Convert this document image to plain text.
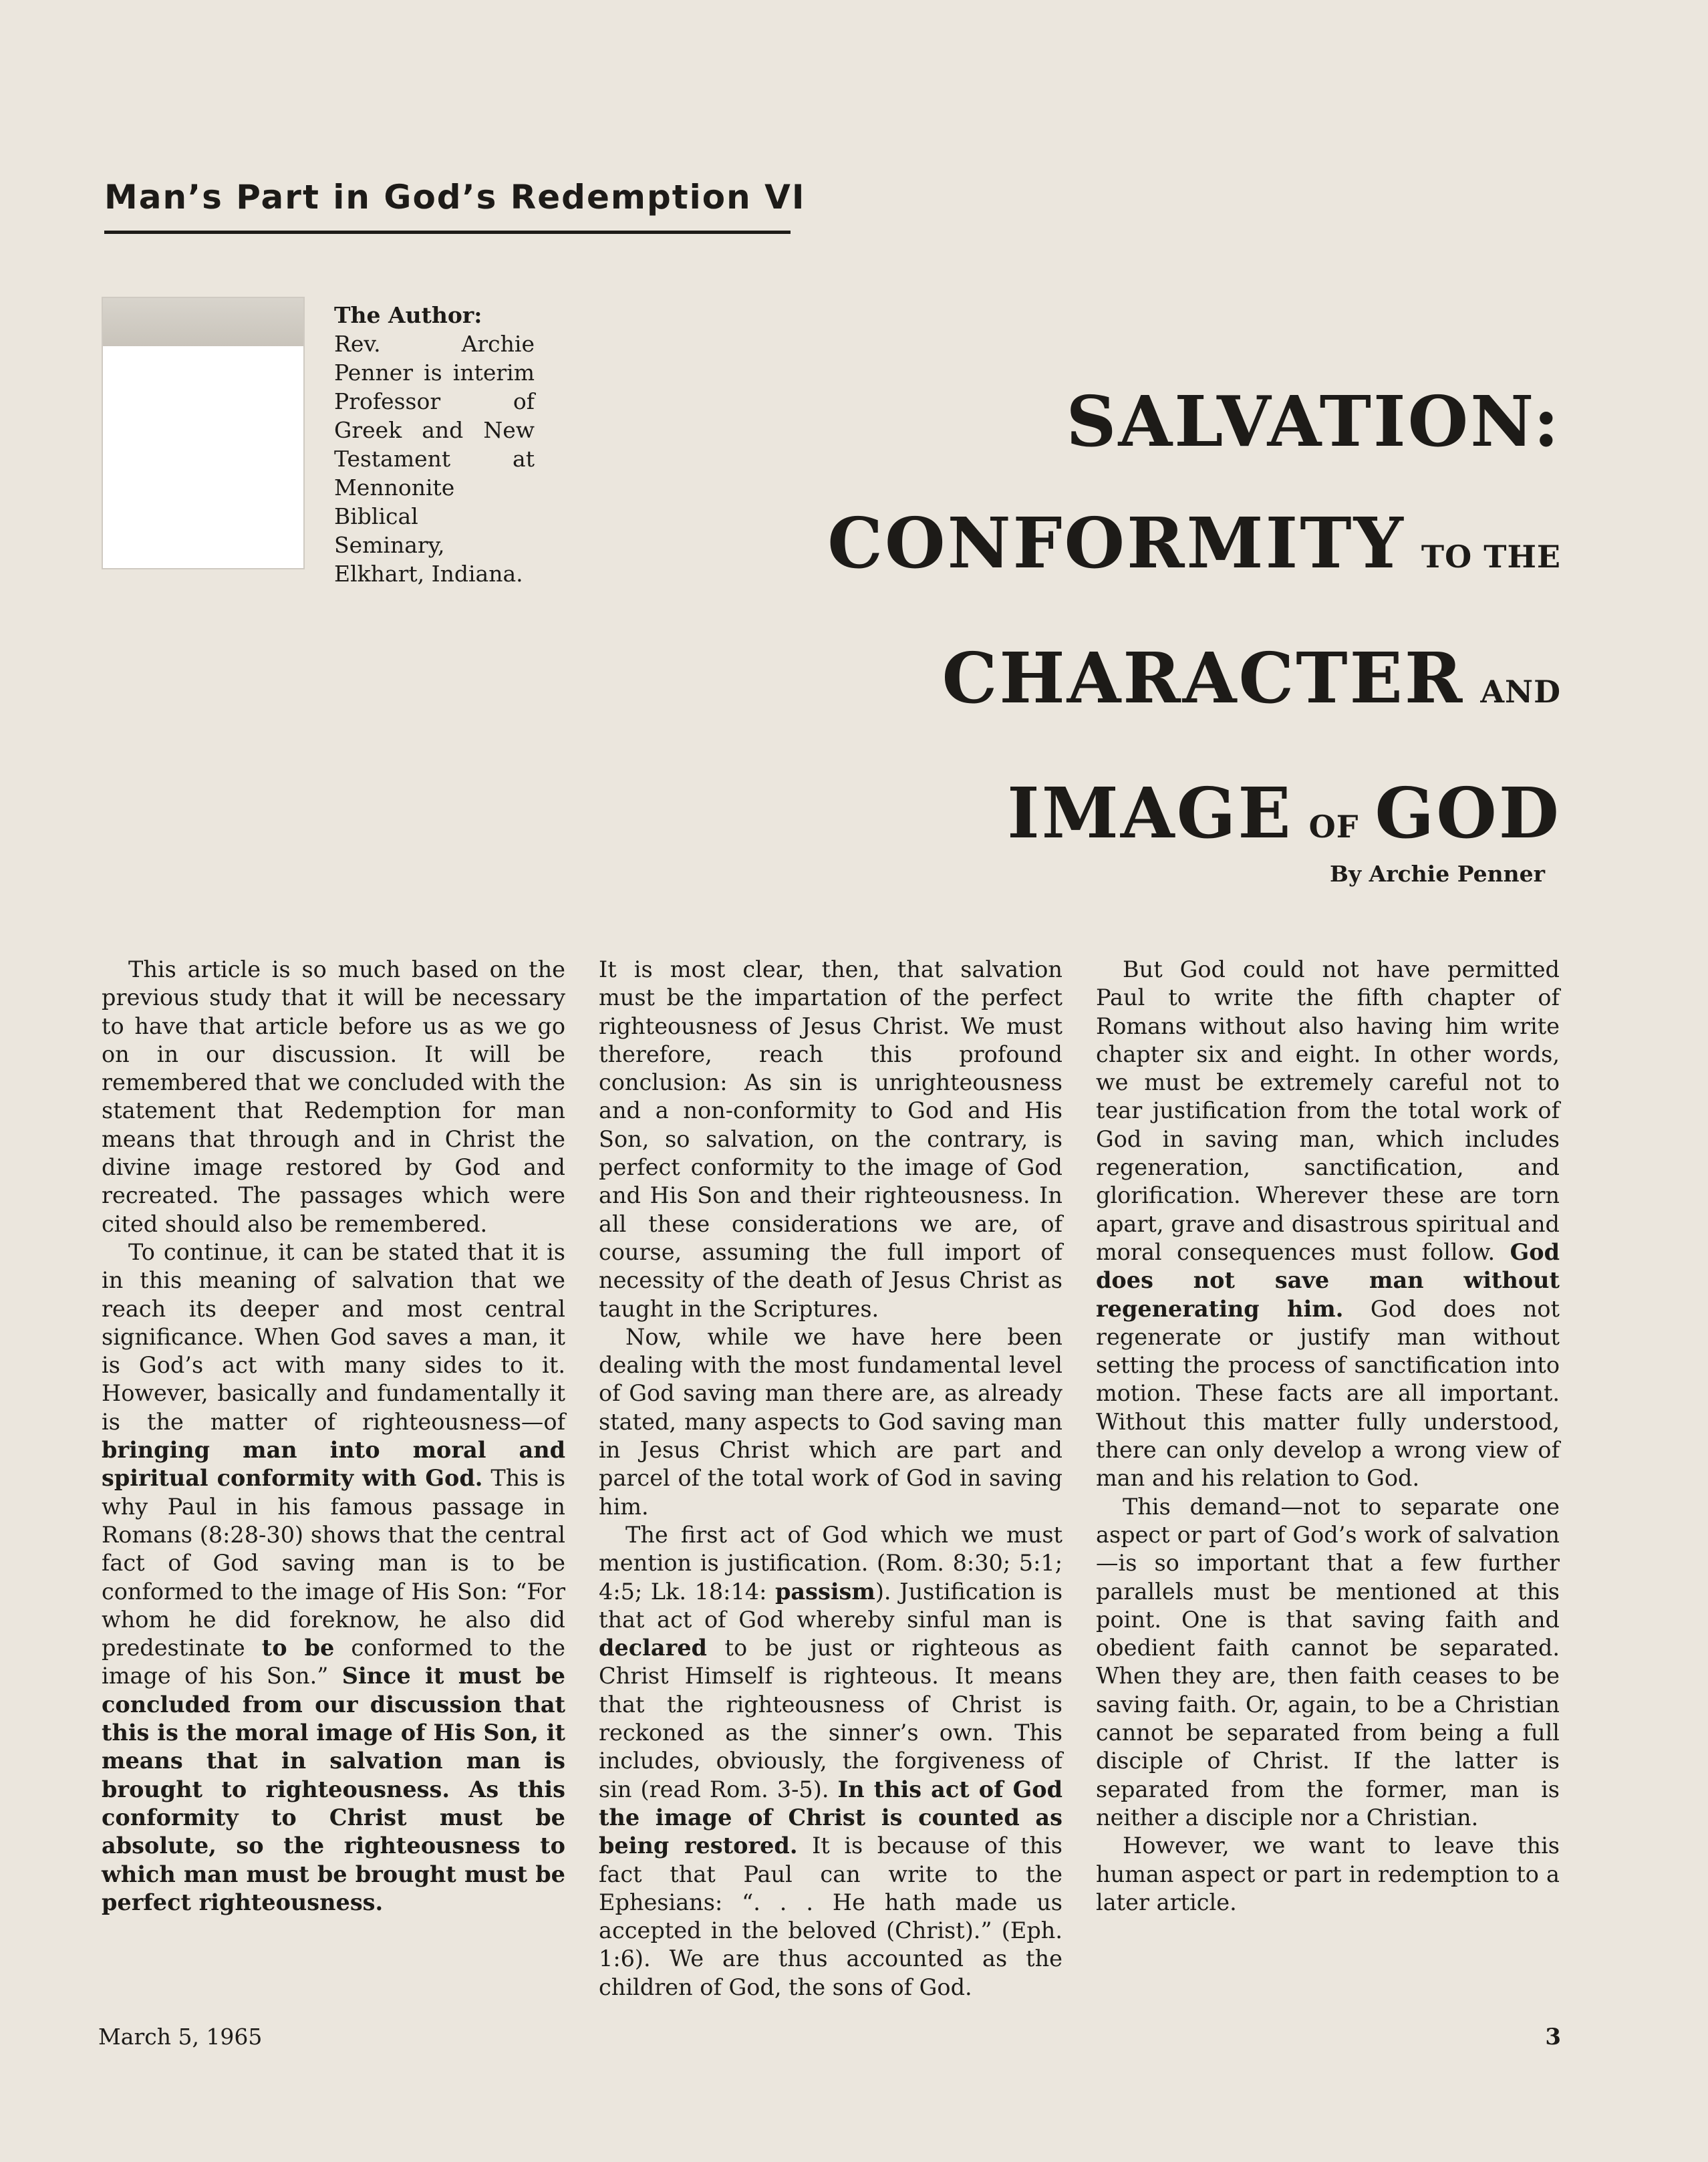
Man’s Part in God’s Redemption VI

The Author:
Rev. Archie Penner is interim Professor of Greek and New Testament at Mennonite Biblical Seminary, Elkhart, Indiana.

SALVATION:
CONFORMITY TO THE
CHARACTER AND
IMAGE OF GOD

By Archie Penner

This article is so much based on the previous study that it will be necessary to have that article before us as we go on in our discussion. It will be remembered that we concluded with the statement that Redemption for man means that through and in Christ the divine image restored by God and recreated. The passages which were cited should also be remembered.

To continue, it can be stated that it is in this meaning of salvation that we reach its deeper and most central significance. When God saves a man, it is God’s act with many sides to it. However, basically and fundamentally it is the matter of righteousness—of bringing man into moral and spiritual conformity with God. This is why Paul in his famous passage in Romans (8:28-30) shows that the central fact of God saving man is to be conformed to the image of His Son: “For whom he did foreknow, he also did predestinate to be conformed to the image of his Son.” Since it must be concluded from our discussion that this is the moral image of His Son, it means that in salvation man is brought to righteousness. As this conformity to Christ must be absolute, so the righteousness to which man must be brought must be perfect righteousness.

It is most clear, then, that salvation must be the impartation of the perfect righteousness of Jesus Christ. We must therefore, reach this profound conclusion: As sin is unrighteousness and a non-conformity to God and His Son, so salvation, on the contrary, is perfect conformity to the image of God and His Son and their righteousness. In all these considerations we are, of course, assuming the full import of necessity of the death of Jesus Christ as taught in the Scriptures.

Now, while we have here been dealing with the most fundamental level of God saving man there are, as already stated, many aspects to God saving man in Jesus Christ which are part and parcel of the total work of God in saving him.

The first act of God which we must mention is justification. (Rom. 8:30; 5:1; 4:5; Lk. 18:14: passism). Justification is that act of God whereby sinful man is declared to be just or righteous as Christ Himself is righteous. It means that the righteousness of Christ is reckoned as the sinner’s own. This includes, obviously, the forgiveness of sin (read Rom. 3-5). In this act of God the image of Christ is counted as being restored. It is because of this fact that Paul can write to the Ephesians: “. . . He hath made us accepted in the beloved (Christ).” (Eph. 1:6). We are thus accounted as the children of God, the sons of God.

But God could not have permitted Paul to write the fifth chapter of Romans without also having him write chapter six and eight. In other words, we must be extremely careful not to tear justification from the total work of God in saving man, which includes regeneration, sanctification, and glorification. Wherever these are torn apart, grave and disastrous spiritual and moral consequences must follow. God does not save man without regenerating him. God does not regenerate or justify man without setting the process of sanctification into motion. These facts are all important. Without this matter fully understood, there can only develop a wrong view of man and his relation to God.

This demand—not to separate one aspect or part of God’s work of salvation—is so important that a few further parallels must be mentioned at this point. One is that saving faith and obedient faith cannot be separated. When they are, then faith ceases to be saving faith. Or, again, to be a Christian cannot be separated from being a full disciple of Christ. If the latter is separated from the former, man is neither a disciple nor a Christian.

However, we want to leave this human aspect or part in redemption to a later article.

March 5, 1965	3
